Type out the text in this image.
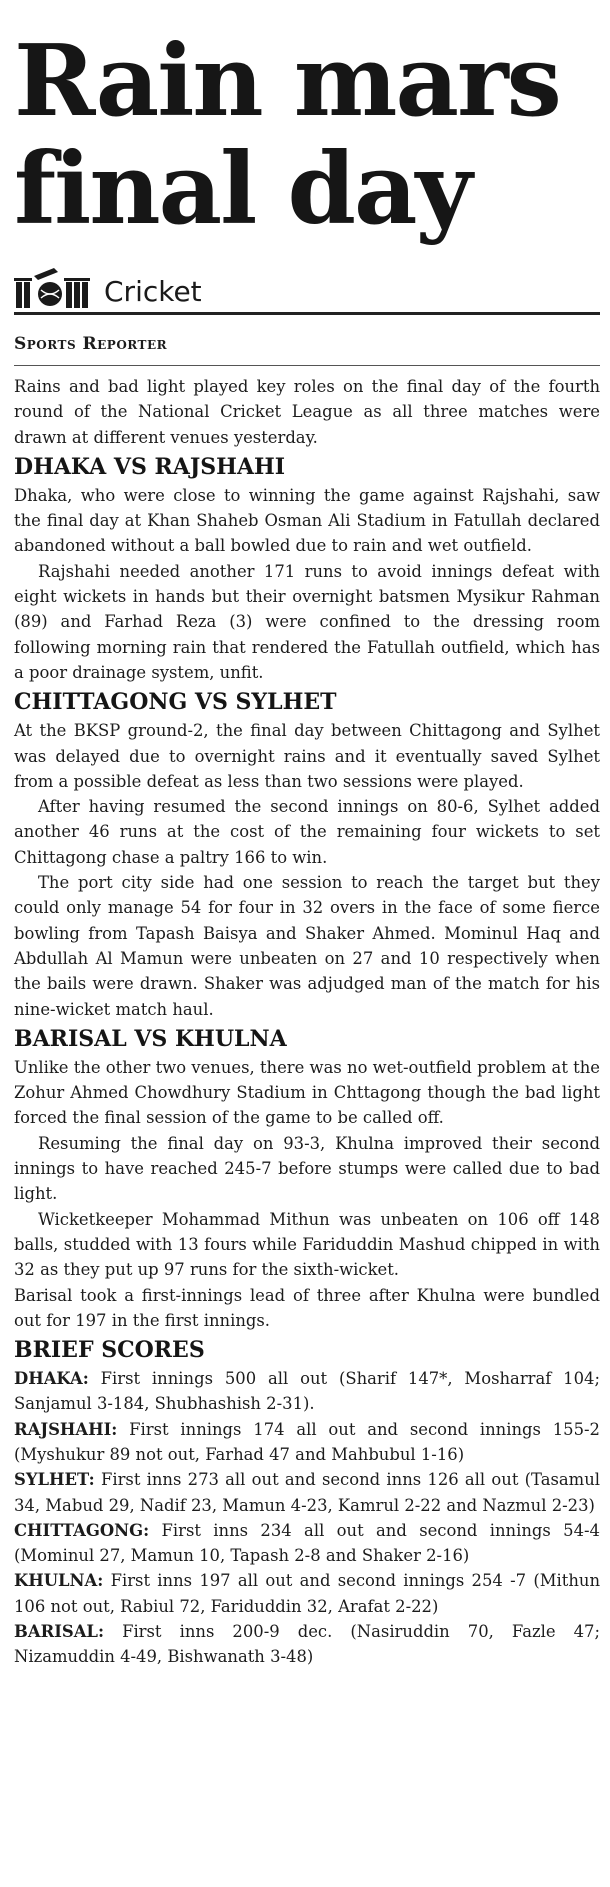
Rain mars
final day
Cricket
Sports Reporter

Rains and bad light played key roles on the final day of the fourth round of the National Cricket League as all three matches were drawn at different venues yesterday.

DHAKA VS RAJSHAHI

Dhaka, who were close to winning the game against Rajshahi, saw the final day at Khan Shaheb Osman Ali Stadium in Fatullah declared abandoned without a ball bowled due to rain and wet outfield.

Rajshahi needed another 171 runs to avoid innings defeat with eight wickets in hands but their overnight batsmen Mysikur Rahman (89) and Farhad Reza (3) were confined to the dressing room following morning rain that rendered the Fatullah outfield, which has a poor drainage system, unfit.

CHITTAGONG VS SYLHET

At the BKSP ground-2, the final day between Chittagong and Sylhet was delayed due to overnight rains and it eventually saved Sylhet from a possible defeat as less than two sessions were played.

After having resumed the second innings on 80-6, Sylhet added another 46 runs at the cost of the remaining four wickets to set Chittagong chase a paltry 166 to win.

The port city side had one session to reach the target but they could only manage 54 for four in 32 overs in the face of some fierce bowling from Tapash Baisya and Shaker Ahmed. Mominul Haq and Abdullah Al Mamun were unbeaten on 27 and 10 respectively when the bails were drawn. Shaker was adjudged man of the match for his nine-wicket match haul.

BARISAL VS KHULNA

Unlike the other two venues, there was no wet-outfield problem at the Zohur Ahmed Chowdhury Stadium in Chttagong though the bad light forced the final session of the game to be called off.

Resuming the final day on 93-3, Khulna improved their second innings to have reached 245-7 before stumps were called due to bad light.

Wicketkeeper Mohammad Mithun was unbeaten on 106 off 148 balls, studded with 13 fours while Fariduddin Mashud chipped in with 32 as they put up 97 runs for the sixth-wicket.

Barisal took a first-innings lead of three after Khulna were bundled out for 197 in the first innings.

BRIEF SCORES
DHAKA: First innings 500 all out (Sharif 147*, Mosharraf 104; Sanjamul 3-184, Shubhashish 2-31).
RAJSHAHI: First innings 174 all out and second innings 155-2 (Myshukur 89 not out, Farhad 47 and Mahbubul 1-16)
SYLHET: First inns 273 all out and second inns 126 all out (Tasamul 34, Mabud 29, Nadif 23, Mamun 4-23, Kamrul 2-22 and Nazmul 2-23)
CHITTAGONG: First inns 234 all out and second innings 54-4 (Mominul 27, Mamun 10, Tapash 2-8 and Shaker 2-16)
KHULNA: First inns 197 all out and second innings 254 -7 (Mithun 106 not out, Rabiul 72, Fariduddin 32, Arafat 2-22)
BARISAL: First inns 200-9 dec. (Nasiruddin 70, Fazle 47; Nizamuddin 4-49, Bishwanath 3-48)
